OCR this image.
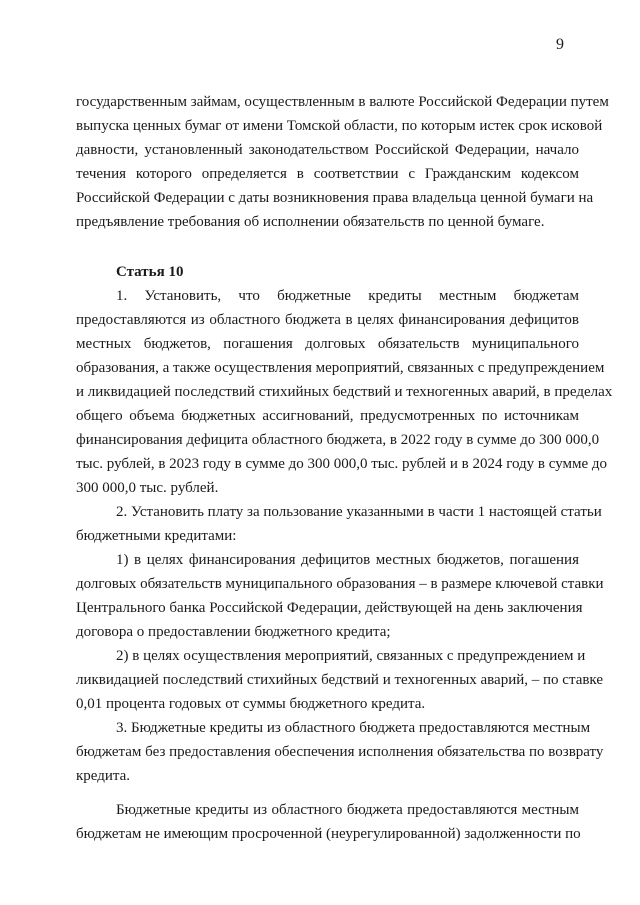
9
государственным займам, осуществленным в валюте Российской Федерации путем
выпуска ценных бумаг от имени Томской области, по которым истек срок исковой
давности, установленный законодательством Российской Федерации, начало
течения которого определяется в соответствии с Гражданским кодексом
Российской Федерации с даты возникновения права владельца ценной бумаги на
предъявление требования об исполнении обязательств по ценной бумаге.
Статья 10
1. Установить, что бюджетные кредиты местным бюджетам
предоставляются из областного бюджета в целях финансирования дефицитов
местных бюджетов, погашения долговых обязательств муниципального
образования, а также осуществления мероприятий, связанных с предупреждением
и ликвидацией последствий стихийных бедствий и техногенных аварий, в пределах
общего объема бюджетных ассигнований, предусмотренных по источникам
финансирования дефицита областного бюджета, в 2022 году в сумме до 300 000,0
тыс. рублей, в 2023 году в сумме до 300 000,0 тыс. рублей и в 2024 году в сумме до
300 000,0 тыс. рублей.
2. Установить плату за пользование указанными в части 1 настоящей статьи
бюджетными кредитами:
1) в целях финансирования дефицитов местных бюджетов, погашения
долговых обязательств муниципального образования – в размере ключевой ставки
Центрального банка Российской Федерации, действующей на день заключения
договора о предоставлении бюджетного кредита;
2) в целях осуществления мероприятий, связанных с предупреждением и
ликвидацией последствий стихийных бедствий и техногенных аварий, – по ставке
0,01 процента годовых от суммы бюджетного кредита.
3. Бюджетные кредиты из областного бюджета предоставляются местным
бюджетам без предоставления обеспечения исполнения обязательства по возврату
кредита.
Бюджетные кредиты из областного бюджета предоставляются местным
бюджетам не имеющим просроченной (неурегулированной) задолженности по
